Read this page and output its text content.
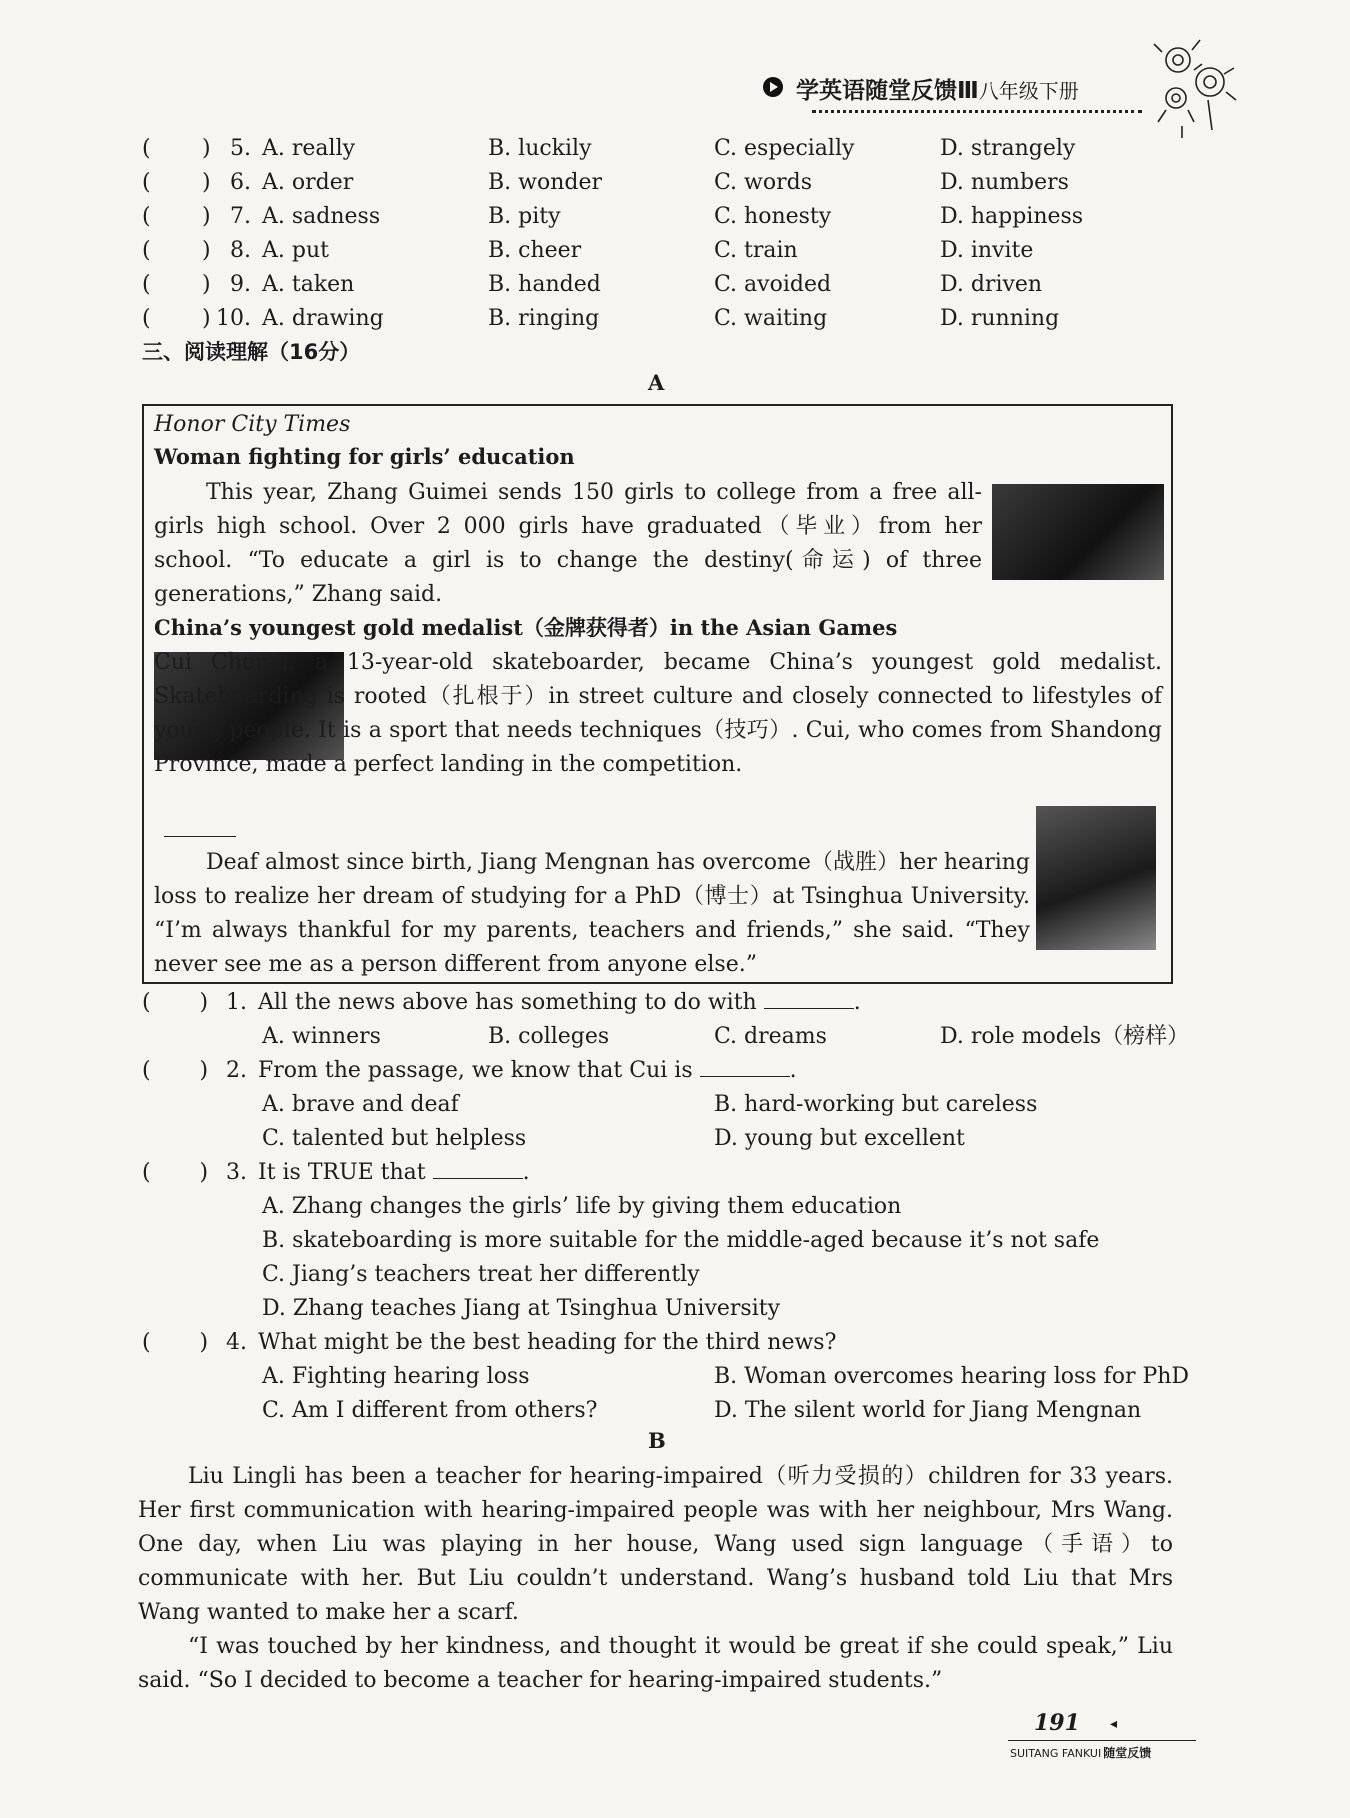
学英语随堂反馈Ⅲ八年级下册
( ) 5. A. really	B. luckily	C. especially	D. strangely
( ) 6. A. order	B. wonder	C. words	D. numbers
( ) 7. A. sadness	B. pity	C. honesty	D. happiness
( ) 8. A. put	B. cheer	C. train	D. invite
( ) 9. A. taken	B. handed	C. avoided	D. driven
( ) 10. A. drawing	B. ringing	C. waiting	D. running
三、阅读理解（16分）
A
Honor City Times
Woman fighting for girls’ education
This year, Zhang Guimei sends 150 girls to college from a free all-girls high school. Over 2 000 girls have graduated（毕业）from her school. “To educate a girl is to change the destiny(命运) of three generations,” Zhang said.
China’s youngest gold medalist（金牌获得者）in the Asian Games
Cui Chenxi, a 13-year-old skateboarder, became China’s youngest gold medalist. Skateboarding is rooted（扎根于）in street culture and closely connected to lifestyles of young people. It is a sport that needs techniques（技巧）. Cui, who comes from Shandong Province, made a perfect landing in the competition.
Deaf almost since birth, Jiang Mengnan has overcome（战胜）her hearing loss to realize her dream of studying for a PhD（博士）at Tsinghua University. “I’m always thankful for my parents, teachers and friends,” she said. “They never see me as a person different from anyone else.”
(       ) 1. All the news above has something to do with	.
A. winners	B. colleges	C. dreams	D. role models（榜样）
(       ) 2. From the passage, we know that Cui is	.
A. brave and deaf	B. hard-working but careless
C. talented but helpless	D. young but excellent
(       ) 3. It is TRUE that	.
A. Zhang changes the girls’ life by giving them education
B. skateboarding is more suitable for the middle-aged because it’s not safe
C. Jiang’s teachers treat her differently
D. Zhang teaches Jiang at Tsinghua University
(       ) 4. What might be the best heading for the third news?
A. Fighting hearing loss	B. Woman overcomes hearing loss for PhD
C. Am I different from others?	D. The silent world for Jiang Mengnan
B
Liu Lingli has been a teacher for hearing-impaired（听力受损的）children for 33 years. Her first communication with hearing-impaired people was with her neighbour, Mrs Wang. One day, when Liu was playing in her house, Wang used sign language（手语）to communicate with her. But Liu couldn’t understand. Wang’s husband told Liu that Mrs Wang wanted to make her a scarf.
“I was touched by her kindness, and thought it would be great if she could speak,” Liu said. “So I decided to become a teacher for hearing-impaired students.”
191 ◂
SUITANG FANKUI 随堂反馈
